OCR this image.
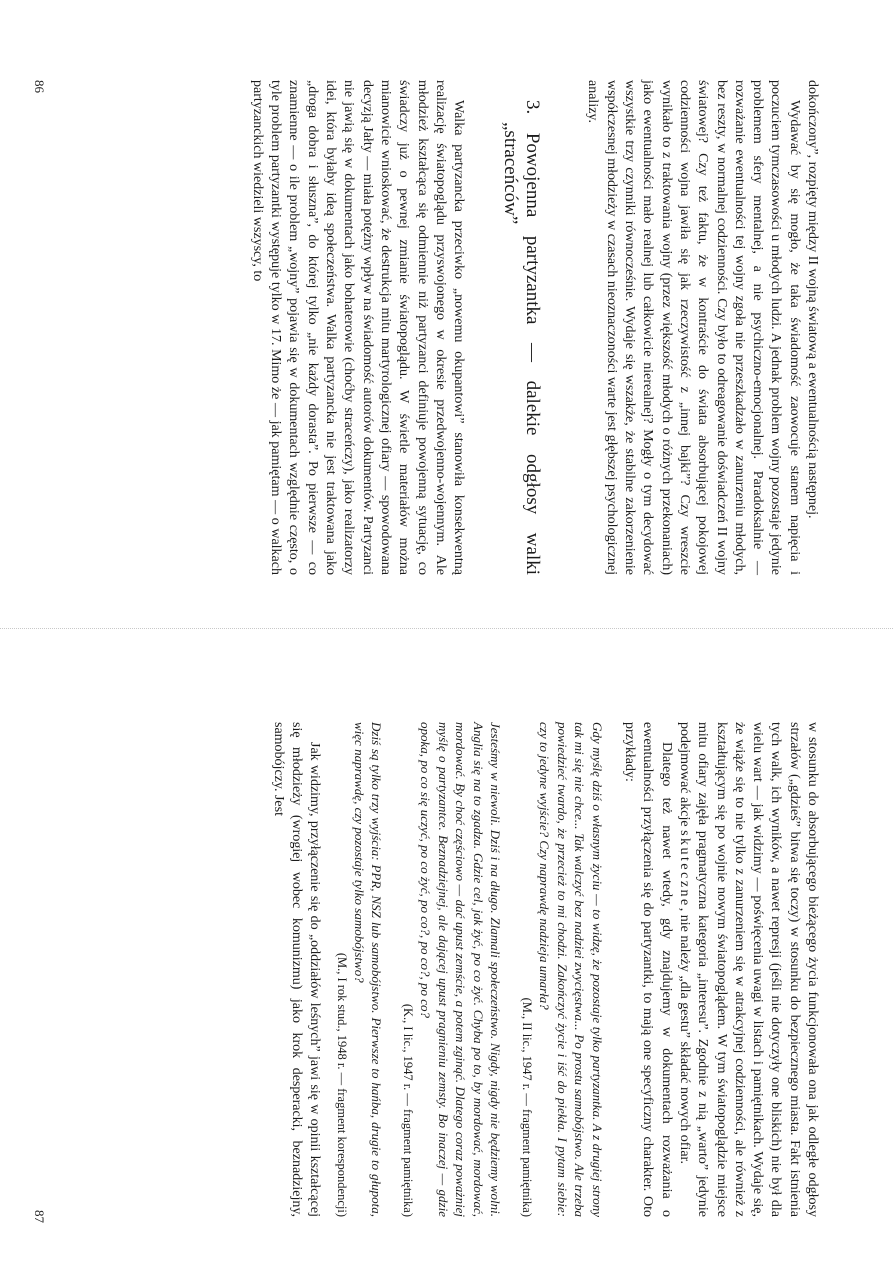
dokończony”, rozpięty między II wojną światową a ewentualnością następnej.

Wydawać by się mogło, że taka świadomość zaowocuje stanem napięcia i poczuciem tymczasowości u młodych ludzi. A jednak problem wojny pozostaje jedynie problemem sfery mentalnej, a nie psychiczno-emocjonalnej. Paradoksalnie — rozważanie ewentualności tej wojny zgoła nie przeszkadzało w zanurzeniu młodych, bez reszty, w normalnej codzienności. Czy było to odreagowanie doświadczeń II wojny światowej? Czy też faktu, że w kontraście do świata absorbującej pokojowej codzienności wojna jawiła się jak rzeczywistość z „innej bajki”? Czy wreszcie wynikało to z traktowania wojny (przez większość młodych o różnych przekonaniach) jako ewentualności mało realnej lub całkowicie nierealnej? Mogły o tym decydować wszystkie trzy czynniki równocześnie. Wydaje się wszakże, że stabilne zakorzenienie współczesnej młodzieży w czasach nieoznaczoności warte jest głębszej psychologicznej analizy.

3. Powojenna partyzantka — dalekie odgłosy walki „straceńców”

Walka partyzancka przeciwko „nowemu okupantowi” stanowiła konsekwentną realizację światopoglądu przyswojonego w okresie przedwojenno-wojennym. Ale młodzież kształcąca się odmiennie niż partyzanci definiuje powojenną sytuację, co świadczy już o pewnej zmianie światopoglądu. W świetle materiałów można mianowicie wnioskować, że destrukcja mitu martyrologicznej ofiary — spowodowana decyzją Jałty — miała potężny wpływ na świadomość autorów dokumentów. Partyzanci nie jawią się w dokumentach jako bohaterowie (choćby straceńczy), jako realizatorzy idei, która byłaby ideą społeczeństwa. Walka partyzancka nie jest traktowana jako „droga dobra i słuszna”, do której tylko „nie każdy dorasta”. Po pierwsze — co znamienne — o ile problem „wojny” pojawia się w dokumentach względnie często, o tyle problem partyzantki występuje tylko w 17. Mimo że — jak pamiętam — o walkach partyzanckich wiedzieli wszyscy, to

86

w stosunku do absorbującego bieżącego życia funkcjonowała ona jak odległe odgłosy strzałów („gdzieś” bitwa się toczy) w stosunku do bezpiecznego miasta. Fakt istnienia tych walk, ich wyników, a nawet represji (jeśli nie dotyczyły one bliskich) nie był dla wielu wart — jak widzimy — poświęcenia uwagi w listach i pamiętnikach. Wydaje się, że wiąże się to nie tylko z zanurzeniem się w atrakcyjnej codzienności, ale również z kształtującym się po wojnie nowym światopoglądem. W tym światopoglądzie miejsce mitu ofiary zajęła pragmatyczna kategoria „interesu”. Zgodnie z nią „warto” jedynie podejmować akcje skuteczne, nie należy „dla gestu” składać nowych ofiar.

Dlatego też nawet wtedy, gdy znajdujemy w dokumentach rozważania o ewentualności przyłączenia się do partyzantki, to mają one specyficzny charakter. Oto przykłady:

Gdy myślę dziś o własnym życiu — to widzę, że pozostaje tylko partyzantka. A z drugiej strony tak mi się nie chce... Tak walczyć bez nadziei zwycięstwa... Po prostu samobójstwo. Ale trzeba powiedzieć twardo, że przecież to mi chodzi. Zakończyć życie i iść do piekła. I pytam siebie: czy to jedyne wyjście? Czy naprawdę nadzieja umarła?

(M., II lic., 1947 r. — fragment pamiętnika)

Jesteśmy w niewoli. Dziś i na długo. Zlamali społeczeństwo. Nigdy, nigdy nie będziemy wolni. Anglia się na to zgadza. Gdzie cel, jak żyć, po co żyć. Chyba po to, by mordować, mordować, mordować. By choć częściowo — dać upust zemście, a potem zginąć. Dlatego coraz poważniej myślę o partyzantce. Beznadziejnej, ale dającej upust pragnieniu zemsty. Bo inaczej — gdzie opoka, po co się uczyć, po co żyć, po co?, po co?, po co?

(K., I lic., 1947 r. — fragment pamiętnika)

Dziś są tylko trzy wyjścia: PPR, NSZ lub samobójstwo. Pierwsze to hańba, drugie to głupota, więc naprawdę, czy pozostaje tylko samobójstwo?

(M., I rok stud., 1948 r. — fragment korespondencji)

Jak widzimy, przyłączenie się do „oddziałów leśnych” jawi się w opinii kształcącej się młodzieży (wrogiej wobec komunizmu) jako krok desperacki, beznadziejny, samobójczy. Jest

87
